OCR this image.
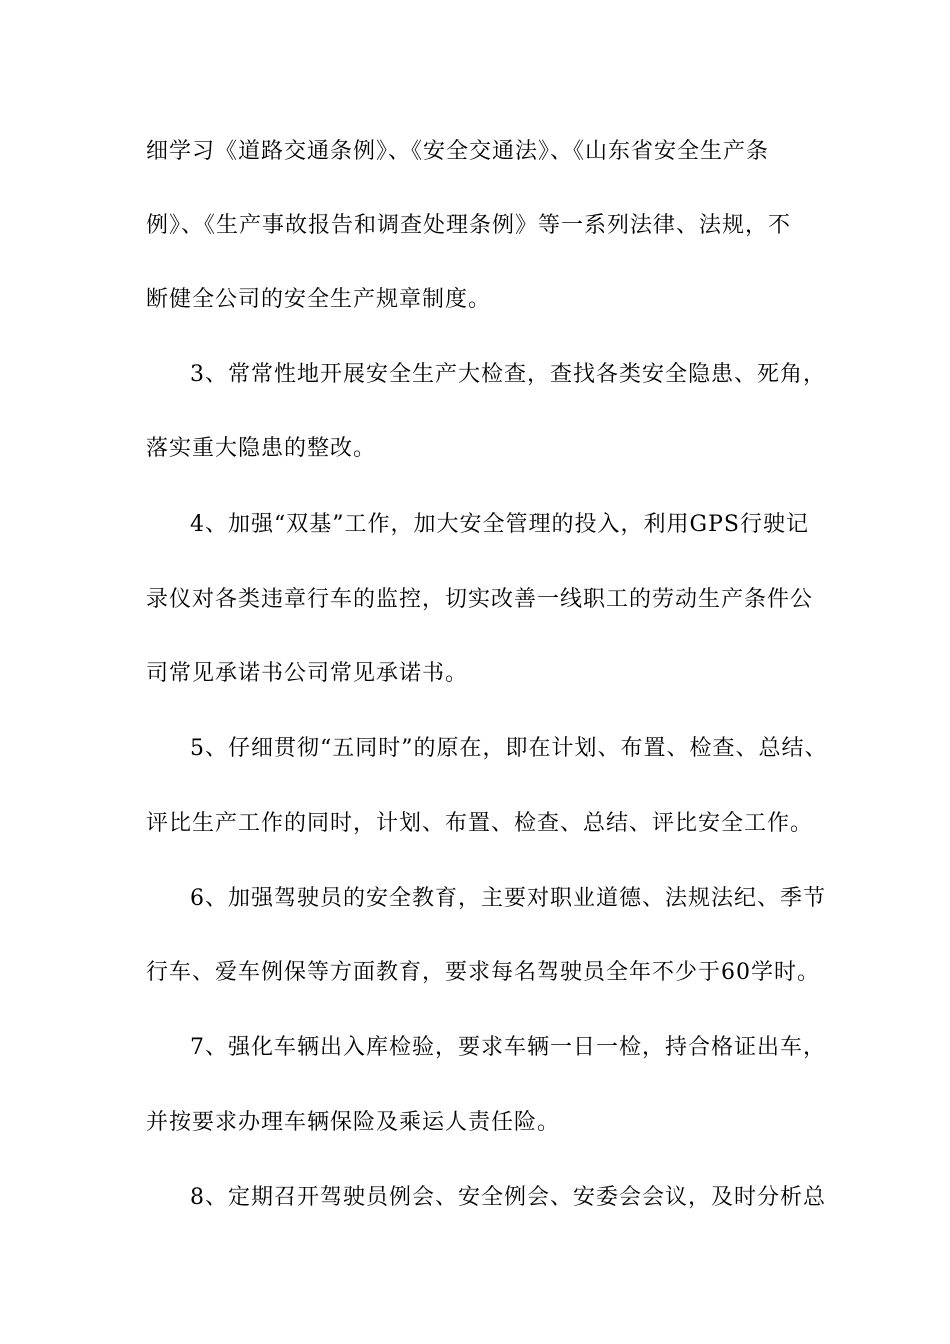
细学习《道路交通条例》、《安全交通法》、《山东省安全生产条
例》、《生产事故报告和调查处理条例》等一系列法律、法规，不
断健全公司的安全生产规章制度。
3、常常性地开展安全生产大检查，查找各类安全隐患、死角，
落实重大隐患的整改。
4、加强“双基”工作，加大安全管理的投入，利用GPS行驶记
录仪对各类违章行车的监控，切实改善一线职工的劳动生产条件公
司常见承诺书公司常见承诺书。
5、仔细贯彻“五同时”的原在，即在计划、布置、检查、总结、
评比生产工作的同时，计划、布置、检查、总结、评比安全工作。
6、加强驾驶员的安全教育，主要对职业道德、法规法纪、季节
行车、爱车例保等方面教育，要求每名驾驶员全年不少于60学时。
7、强化车辆出入库检验，要求车辆一日一检，持合格证出车，
并按要求办理车辆保险及乘运人责任险。
8、定期召开驾驶员例会、安全例会、安委会会议，及时分析总
